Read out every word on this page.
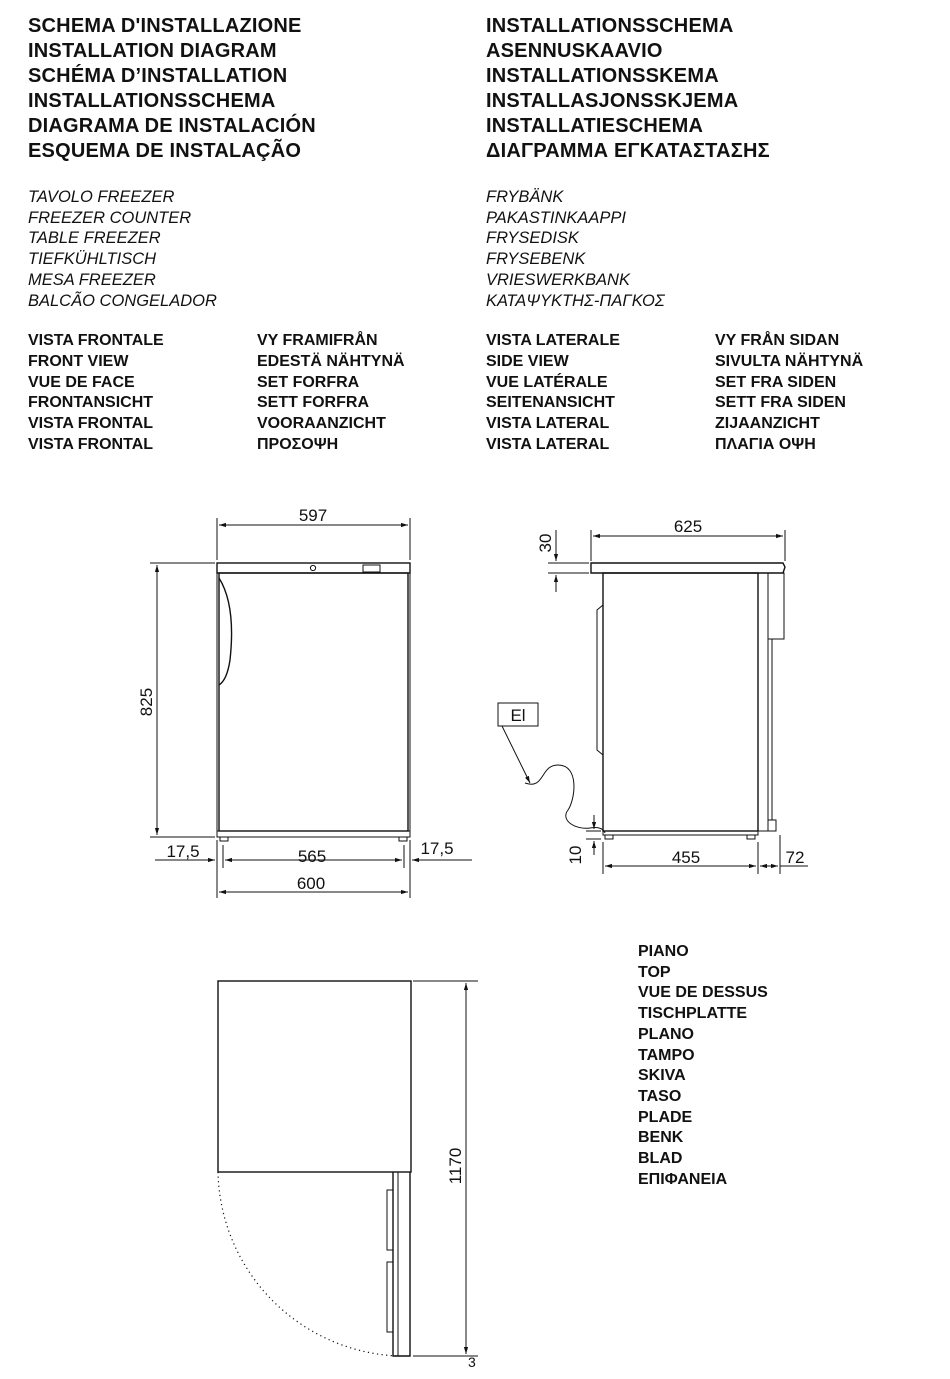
SCHEMA D'INSTALLAZIONE
INSTALLATION DIAGRAM
SCHÉMA D’INSTALLATION
INSTALLATIONSSCHEMA
DIAGRAMA DE INSTALACIÓN
ESQUEMA DE INSTALAÇÃO
INSTALLATIONSSCHEMA
ASENNUSKAAVIO
INSTALLATIONSSKEMA
INSTALLASJONSSKJEMA
INSTALLATIESCHEMA
ΔΙΑΓΡΑΜΜΑ ΕΓΚΑΤΑΣΤΑΣΗΣ
TAVOLO FREEZER
FREEZER COUNTER
TABLE FREEZER
TIEFKÜHLTISCH
MESA FREEZER
BALCÃO CONGELADOR
FRYBÄNK
PAKASTINKAAPPI
FRYSEDISK
FRYSEBENK
VRIESWERKBANK
ΚΑΤΑΨΥΚΤΗΣ-ΠΑΓΚΟΣ
VISTA FRONTALE
FRONT VIEW
VUE DE FACE
FRONTANSICHT
VISTA FRONTAL
VISTA FRONTAL
VY FRAMIFRÅN
EDESTÄ NÄHTYNÄ
SET FORFRA
SETT FORFRA
VOORAANZICHT
ΠΡΟΣΟΨΗ
VISTA LATERALE
SIDE VIEW
VUE LATÉRALE
SEITENANSICHT
VISTA LATERAL
VISTA LATERAL
VY FRÅN SIDAN
SIVULTA NÄHTYNÄ
SET FRA SIDEN
SETT FRA SIDEN
ZIJAANZICHT
ΠΛΑΓΙΑ ΟΨΗ
PIANO
TOP
VUE DE DESSUS
TISCHPLATTE
PLANO
TAMPO
SKIVA
TASO
PLADE
BENK
BLAD
ΕΠΙΦΑΝΕΙΑ
597
825
17,5	565	17,5
600
625
30
10	455	72
El
1170
3
